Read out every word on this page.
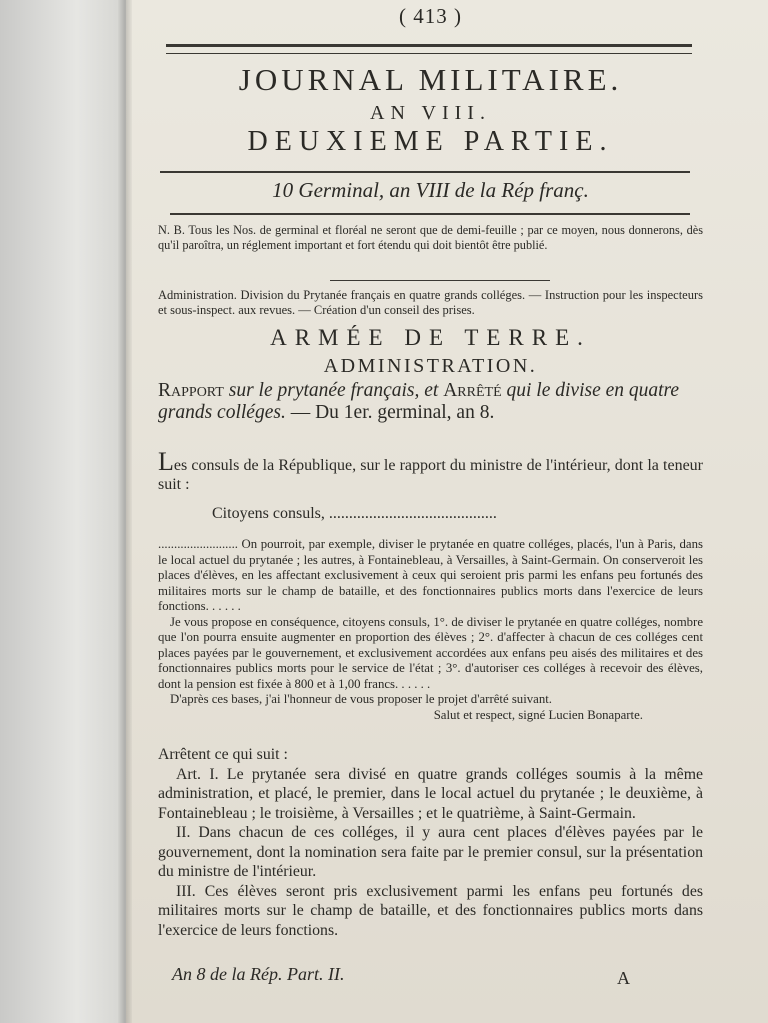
( 413 )
JOURNAL MILITAIRE.
AN VIII.
DEUXIEME PARTIE.
10 Germinal, an VIII de la Rép franç.
N. B. Tous les Nos. de germinal et floréal ne seront que de demi-feuille ; par ce moyen, nous donnerons, dès qu'il paroîtra, un réglement important et fort étendu qui doit bientôt être publié.
Administration. Division du Prytanée français en quatre grands colléges. — Instruction pour les inspecteurs et sous-inspect. aux revues. — Création d'un conseil des prises.
ARMÉE DE TERRE.
ADMINISTRATION.
Rapport sur le prytanée français, et Arrêté qui le divise en quatre grands colléges. — Du 1er. germinal, an 8.
Les consuls de la République, sur le rapport du ministre de l'intérieur, dont la teneur suit :
Citoyens consuls, ..........................................

......................... On pourroit, par exemple, diviser le prytanée en quatre colléges, placés, l'un à Paris, dans le local actuel du prytanée ; les autres, à Fontainebleau, à Versailles, à Saint-Germain. On conserveroit les places d'élèves, en les affectant exclusivement à ceux qui seroient pris parmi les enfans peu fortunés des militaires morts sur le champ de bataille, et des fonctionnaires publics morts dans l'exercice de leurs fonctions. . . . . .

Je vous propose en conséquence, citoyens consuls, 1°. de diviser le prytanée en quatre colléges, nombre que l'on pourra ensuite augmenter en proportion des élèves ; 2°. d'affecter à chacun de ces colléges cent places payées par le gouvernement, et exclusivement accordées aux enfans peu aisés des militaires et des fonctionnaires publics morts pour le service de l'état ; 3°. d'autoriser ces colléges à recevoir des élèves, dont la pension est fixée à 800 et à 1,00 francs. . . . . .

D'après ces bases, j'ai l'honneur de vous proposer le projet d'arrêté suivant.

Salut et respect, signé Lucien Bonaparte.

Arrêtent ce qui suit :

Art. I. Le prytanée sera divisé en quatre grands colléges soumis à la même administration, et placé, le premier, dans le local actuel du prytanée ; le deuxième, à Fontainebleau ; le troisième, à Versailles ; et le quatrième, à Saint-Germain.

II. Dans chacun de ces colléges, il y aura cent places d'élèves payées par le gouvernement, dont la nomination sera faite par le premier consul, sur la présentation du ministre de l'intérieur.

III. Ces élèves seront pris exclusivement parmi les enfans peu fortunés des militaires morts sur le champ de bataille, et des fonctionnaires publics morts dans l'exercice de leurs fonctions.

An 8 de la Rép. Part. II.	A
